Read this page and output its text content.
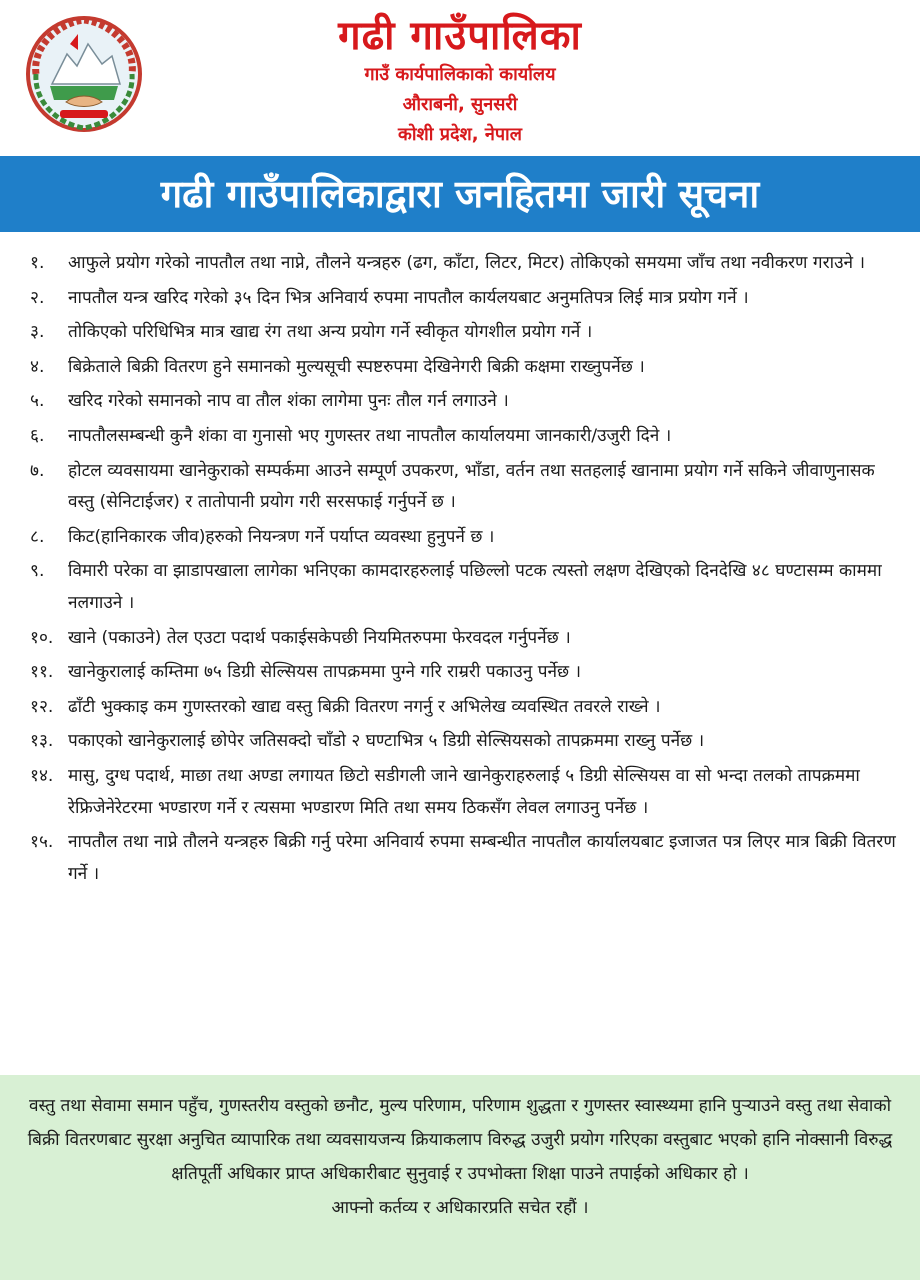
गढी गाउँपालिका
गाउँ कार्यपालिकाको कार्यालय
औराबनी, सुनसरी
कोशी प्रदेश, नेपाल
गढी गाउँपालिकाद्वारा जनहितमा जारी सूचना
१.	आफुले प्रयोग गरेको नापतौल तथा नाप्ने, तौलने यन्त्रहरु (ढग, काँटा, लिटर, मिटर) तोकिएको समयमा जाँच तथा नवीकरण गराउने ।
२.	नापतौल यन्त्र खरिद गरेको ३५ दिन भित्र अनिवार्य रुपमा नापतौल कार्यलयबाट अनुमतिपत्र लिई मात्र प्रयोग गर्ने ।
३.	तोकिएको परिधिभित्र मात्र खाद्य रंग तथा अन्य प्रयोग गर्ने स्वीकृत योगशील प्रयोग गर्ने ।
४.	बिक्रेताले बिक्री वितरण हुने समानको मुल्यसूची स्पष्टरुपमा देखिनेगरी बिक्री कक्षमा राख्नुपर्नेछ ।
५.	खरिद गरेको समानको नाप वा तौल शंका लागेमा पुनः तौल गर्न लगाउने ।
६.	नापतौलसम्बन्धी कुनै शंका वा गुनासो भए गुणस्तर तथा नापतौल कार्यालयमा जानकारी/उजुरी दिने ।
७.	होटल व्यवसायमा खानेकुराको सम्पर्कमा आउने सम्पूर्ण उपकरण, भाँडा, वर्तन तथा सतहलाई खानामा प्रयोग गर्ने सकिने जीवाणुनासक वस्तु (सेनिटाईजर) र तातोपानी प्रयोग गरी सरसफाई गर्नुपर्ने छ ।
८.	किट(हानिकारक जीव)हरुको नियन्त्रण गर्ने पर्याप्त व्यवस्था हुनुपर्ने छ ।
९.	विमारी परेका वा झाडापखाला लागेका भनिएका कामदारहरुलाई पछिल्लो पटक त्यस्तो लक्षण देखिएको दिनदेखि ४८ घण्टासम्म काममा नलगाउने ।
१०. खाने (पकाउने) तेल एउटा पदार्थ पकाईसकेपछी नियमितरुपमा फेरवदल गर्नुपर्नेछ ।
११. खानेकुरालाई कम्तिमा ७५ डिग्री सेल्सियस तापक्रममा पुग्ने गरि राम्ररी पकाउनु पर्नेछ ।
१२. ढाँटी भुक्काइ कम गुणस्तरको खाद्य वस्तु बिक्री वितरण नगर्नु र अभिलेख व्यवस्थित तवरले राख्ने ।
१३. पकाएको खानेकुरालाई छोपेर जतिसक्दो चाँडो २ घण्टाभित्र ५ डिग्री सेल्सियसको तापक्रममा राख्नु पर्नेछ ।
१४. मासु, दुग्ध पदार्थ, माछा तथा अण्डा लगायत छिटो सडीगली जाने खानेकुराहरुलाई ५ डिग्री सेल्सियस वा सो भन्दा तलको तापक्रममा रेफ्रिजेनेरेटरमा भण्डारण गर्ने र त्यसमा भण्डारण मिति तथा समय ठिकसँग लेवल लगाउनु पर्नेछ ।
१५. नापतौल तथा नाप्ने तौलने यन्त्रहरु बिक्री गर्नु परेमा अनिवार्य रुपमा सम्बन्धीत नापतौल कार्यालयबाट इजाजत पत्र लिएर मात्र बिक्री वितरण गर्ने ।
वस्तु तथा सेवामा समान पहुँच, गुणस्तरीय वस्तुको छनौट, मुल्य परिणाम, परिणाम शुद्धता र गुणस्तर स्वास्थ्यमा हानि पुऱ्याउने वस्तु तथा सेवाको बिक्री वितरणबाट सुरक्षा अनुचित व्यापारिक तथा व्यवसायजन्य क्रियाकलाप विरुद्ध उजुरी प्रयोग गरिएका वस्तुबाट भएको हानि नोक्सानी विरुद्ध क्षतिपूर्ती अधिकार प्राप्त अधिकारीबाट सुनुवाई र उपभोक्ता शिक्षा पाउने तपाईको अधिकार हो ।
आफ्नो कर्तव्य र अधिकारप्रति सचेत रहौं ।
